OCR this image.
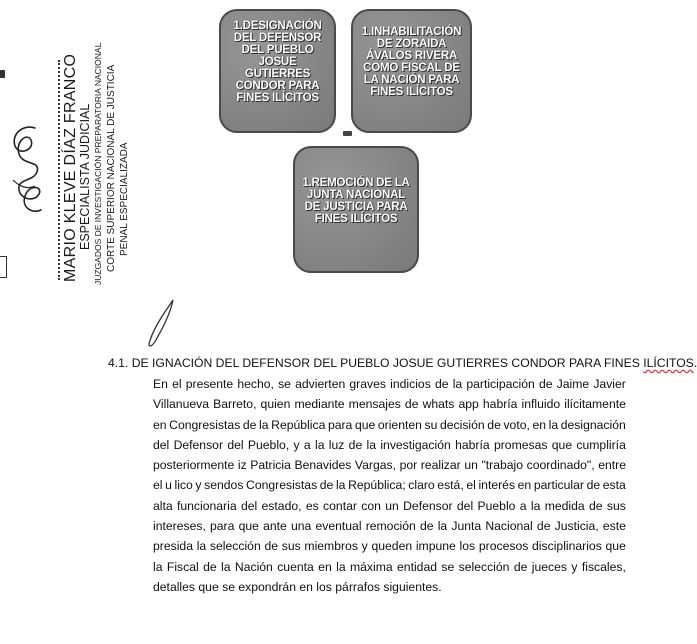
1.DESIGNACIÓN DEL DEFENSOR DEL PUEBLO JOSUE GUTIERRES CONDOR PARA FINES ILÍCITOS
1.INHABILITACIÓN DE ZORAIDA ÁVALOS RIVERA COMO FISCAL DE LA NACIÓN PARA FINES ILÍCITOS
1.REMOCIÓN DE LA JUNTA NACIONAL DE JUSTICIA PARA FINES ILÍCITOS
MARIO KLEVE DÍAZ FRANCO ESPECIALISTA JUDICIAL JUZGADOS DE INVESTIGACIÓN PREPARATORIA NACIONAL CORTE SUPERIOR NACIONAL DE JUSTICIA PENAL ESPECIALIZADA
4.1. DE IGNACIÓN DEL DEFENSOR DEL PUEBLO JOSUE GUTIERRES CONDOR PARA FINES ILÍCITOS.
En el presente hecho, se advierten graves indicios de la participación de Jaime Javier
Villanueva Barreto, quien mediante mensajes de whats app habría influido ilícitamente
en Congresistas de la República para que orienten su decisión de voto, en la designación
del Defensor del Pueblo, y a la luz de la investigación habría promesas que cumpliría
posteriormente iz Patricia Benavides Vargas, por realizar un "trabajo coordinado", entre
el u lico y sendos Congresistas de la República; claro está, el interés en particular de esta
alta funcionaria del estado, es contar con un Defensor del Pueblo a la medida de sus
intereses, para que ante una eventual remoción de la Junta Nacional de Justicia, este
presida la selección de sus miembros y queden impune los procesos disciplinarios que
la Fiscal de la Nación cuenta en la máxima entidad se selección de jueces y fiscales,
detalles que se expondrán en los párrafos siguientes.
